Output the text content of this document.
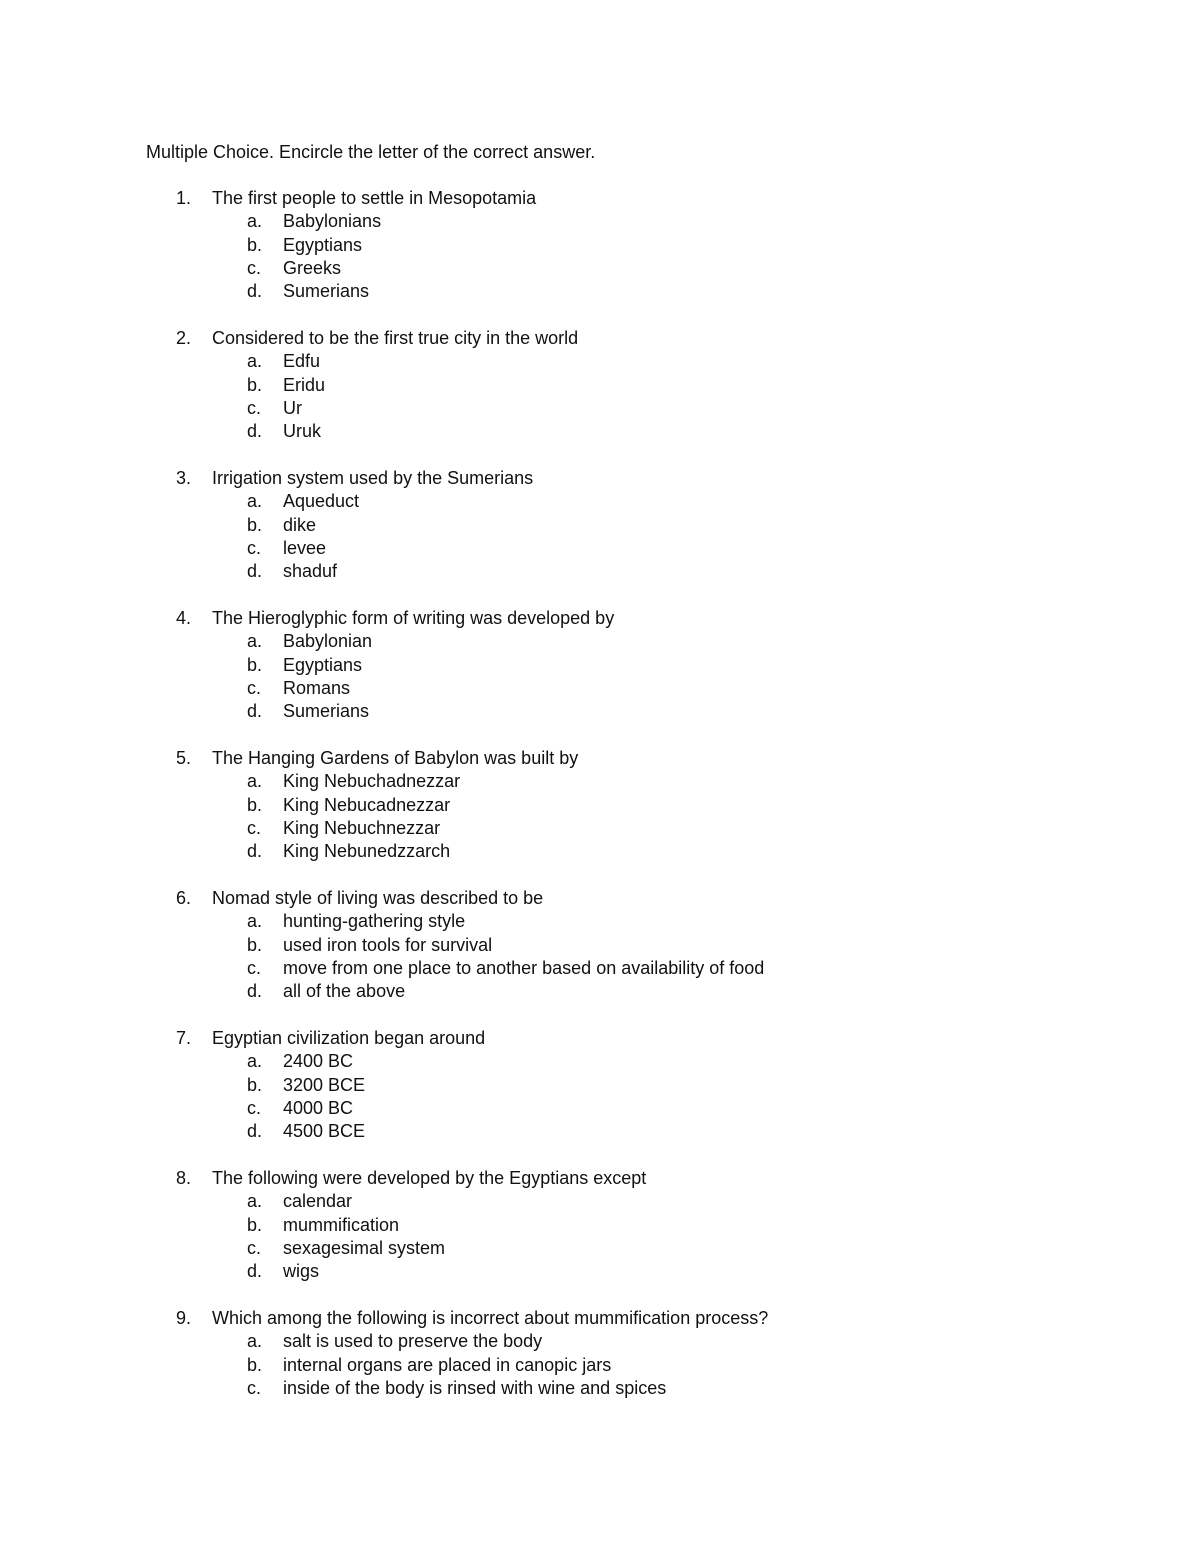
Multiple Choice. Encircle the letter of the correct answer.
1. The first people to settle in Mesopotamia
a. Babylonians
b. Egyptians
c. Greeks
d. Sumerians
2. Considered to be the first true city in the world
a. Edfu
b. Eridu
c. Ur
d. Uruk
3. Irrigation system used by the Sumerians
a. Aqueduct
b. dike
c. levee
d. shaduf
4. The Hieroglyphic form of writing was developed by
a. Babylonian
b. Egyptians
c. Romans
d. Sumerians
5. The Hanging Gardens of Babylon was built by
a. King Nebuchadnezzar
b. King Nebucadnezzar
c. King Nebuchnezzar
d. King Nebunedzzarch
6. Nomad style of living was described to be
a. hunting-gathering style
b. used iron tools for survival
c. move from one place to another based on availability of food
d. all of the above
7. Egyptian civilization began around
a. 2400 BC
b. 3200 BCE
c. 4000 BC
d. 4500 BCE
8. The following were developed by the Egyptians except
a. calendar
b. mummification
c. sexagesimal system
d. wigs
9. Which among the following is incorrect about mummification process?
a. salt is used to preserve the body
b. internal organs are placed in canopic jars
c. inside of the body is rinsed with wine and spices
